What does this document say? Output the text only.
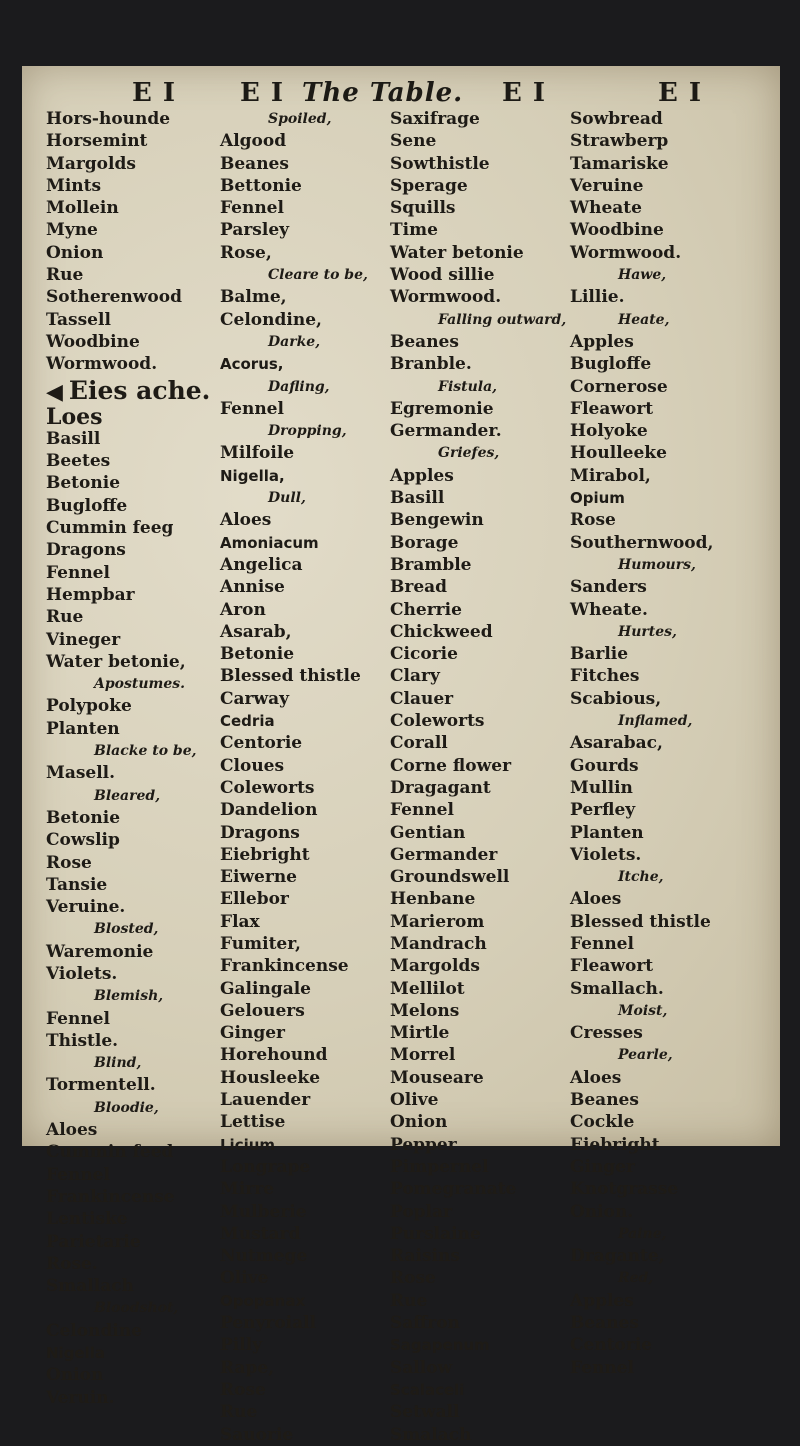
E I E I The Table. E I	E I
Hors-hounde
Horsemint
Margolds
Mints
Mollein
Myne
Onion
Rue
Sotherenwood
Tassell
Woodbine
Wormwood.
◀ Eies ache.
Loes
Basill
Beetes
Betonie
Bugloffe
Cummin feeg
Dragons
Fennel
Hempbar
Rue
Vineger
Water betonie,
Apostumes.
Polypoke
Planten
Blacke to be,
Masell.
Bleared,
Betonie
Cowslip
Rose
Tansie
Veruine.
Blosted,
Waremonie
Violets.
Blemish,
Fennel
Thistle.
Blind,
Tormentell.
Bloodie,
Aloes
Cummin feed
Fennel
Frankincense
Lentiske
Parietarie
Rose.
Smallach
Bloodshot,
Celondine
Nigella
Onion
Veruin.
Spoiled,
Algood
Beanes
Bettonie
Fennel
Parsley
Rose,
Cleare to be,
Balme,
Celondine,
Darke,
Acorus,
Dafling,
Fennel
Dropping,
Milfoile
Nigella,
Dull,
Aloes
Amoniacum
Angelica
Annise
Aron
Asarab,
Betonie
Blessed thistle
Carway
Cedria
Centorie
Cloues
Coleworts
Dandelion
Dragons
Eiebright
Eiwerne
Ellebor
Flax
Fumiter,
Frankincense
Galingale
Gelouers
Ginger
Horehound
Housleeke
Lauender
Lettise
Licium
Longrape
Mirre
Mulberie
Mustard
Nutmege
Olive
Opopanax
Penyroiall
Pilly
Rape,
Rose
Rue
Sauorie
Saxifrage
Sene
Sowthistle
Sperage
Squills
Time
Water betonie
Wood sillie
Wormwood.
Falling outward,
Beanes
Branble.
Fistula,
Egremonie
Germander.
Griefes,
Apples
Basill
Bengewin
Borage
Bramble
Bread
Cherrie
Chickweed
Cicorie
Clary
Clauer
Coleworts
Corall
Corne flower
Dragagant
Fennel
Gentian
Germander
Groundswell
Henbane
Marierom
Mandrach
Margolds
Mellilot
Melons
Mirtle
Morrel
Mouseare
Olive
Onion
Pepper
Pimpernel
Pomegranate
Poplar
Purslaine
Raisins
Rose
Rue
Saffron
Sagapenum
Sallow
Scalaceli
Setwall
Smalach
Sowbread
Strawberp
Tamariske
Veruine
Wheate
Woodbine
Wormwood.
Hawe,
Lillie.
Heate,
Apples
Bugloffe
Cornerose
Fleawort
Holyoke
Houlleeke
Mirabol,
Opium
Rose
Southernwood,
Humours,
Sanders
Wheate.
Hurtes,
Barlie
Fitches
Scabious,
Inflamed,
Asarabac,
Gourds
Mullin
Perfley
Planten
Violets.
Itche,
Aloes
Blessed thistle
Fennel
Fleawort
Smallach.
Moist,
Cresses
Pearle,
Aloes
Beanes
Cockle
Eiebright
Ginger
Knotgrasse
Onion.
Paine,
Dragante,
Red,
Apples
Beanes
Centorie
Fennel
